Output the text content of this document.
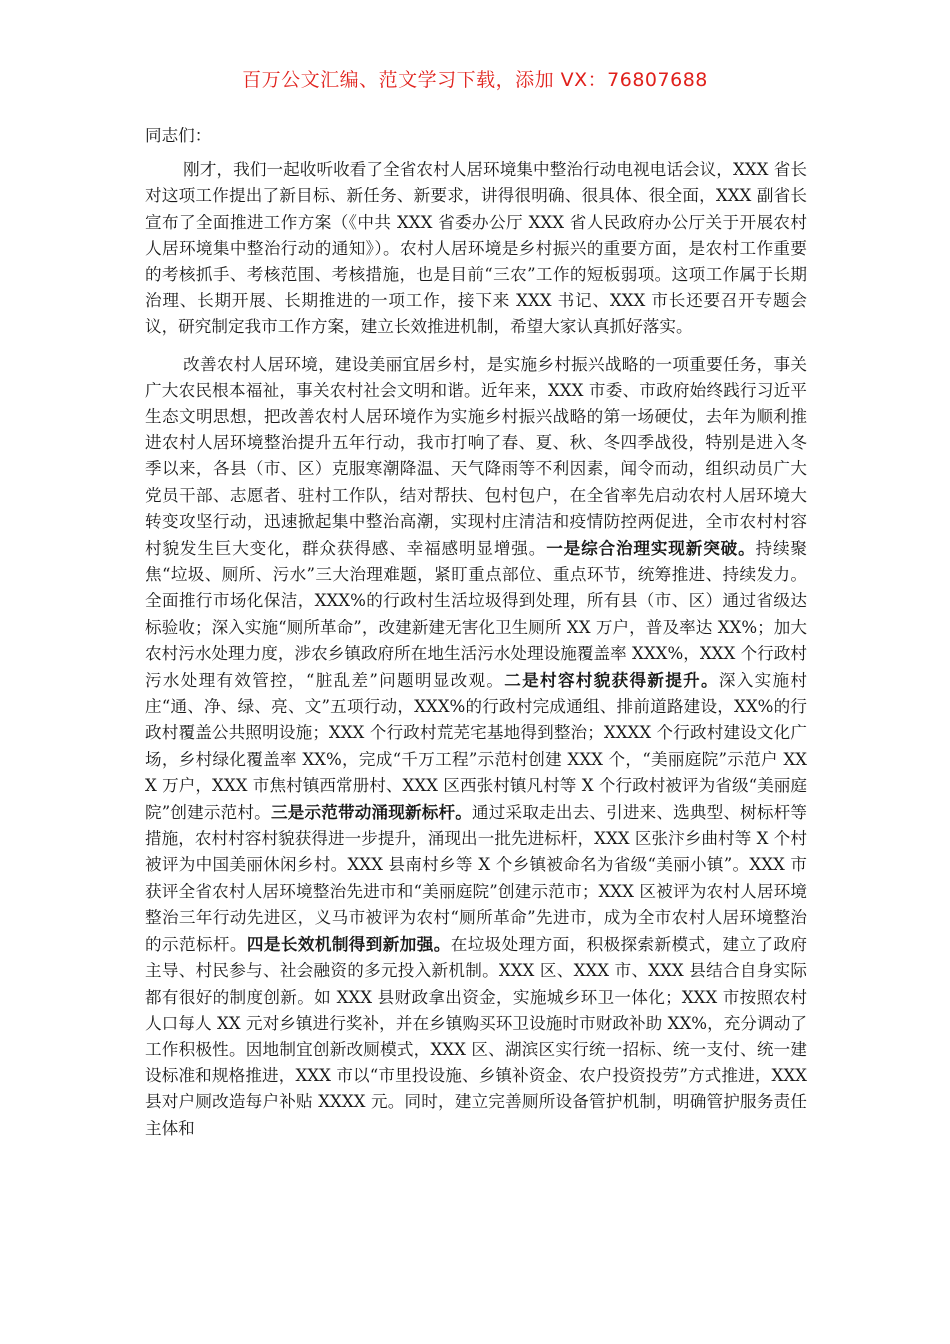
百万公文汇编、范文学习下载，添加 VX：76807688

同志们：

刚才，我们一起收听收看了全省农村人居环境集中整治行动电视电话会议，XXX 省长对这项工作提出了新目标、新任务、新要求，讲得很明确、很具体、很全面，XXX 副省长宣布了全面推进工作方案（《中共 XXX 省委办公厅 XXX 省人民政府办公厅关于开展农村人居环境集中整治行动的通知》）。农村人居环境是乡村振兴的重要方面，是农村工作重要的考核抓手、考核范围、考核措施，也是目前“三农”工作的短板弱项。这项工作属于长期治理、长期开展、长期推进的一项工作，接下来 XXX 书记、XXX 市长还要召开专题会议，研究制定我市工作方案，建立长效推进机制，希望大家认真抓好落实。

改善农村人居环境，建设美丽宜居乡村，是实施乡村振兴战略的一项重要任务，事关广大农民根本福祉，事关农村社会文明和谐。近年来，XXX 市委、市政府始终践行习近平生态文明思想，把改善农村人居环境作为实施乡村振兴战略的第一场硬仗，去年为顺利推进农村人居环境整治提升五年行动，我市打响了春、夏、秋、冬四季战役，特别是进入冬季以来，各县（市、区）克服寒潮降温、天气降雨等不利因素，闻令而动，组织动员广大党员干部、志愿者、驻村工作队，结对帮扶、包村包户，在全省率先启动农村人居环境大转变攻坚行动，迅速掀起集中整治高潮，实现村庄清洁和疫情防控两促进，全市农村村容村貌发生巨大变化，群众获得感、幸福感明显增强。一是综合治理实现新突破。持续聚焦“垃圾、厕所、污水”三大治理难题，紧盯重点部位、重点环节，统筹推进、持续发力。全面推行市场化保洁，XXX%的行政村生活垃圾得到处理，所有县（市、区）通过省级达标验收；深入实施“厕所革命”，改建新建无害化卫生厕所 XX 万户，普及率达 XX%；加大农村污水处理力度，涉农乡镇政府所在地生活污水处理设施覆盖率 XXX%，XXX 个行政村污水处理有效管控，“脏乱差”问题明显改观。二是村容村貌获得新提升。深入实施村庄“通、净、绿、亮、文”五项行动，XXX%的行政村完成通组、排前道路建设，XX%的行政村覆盖公共照明设施；XXX 个行政村荒芜宅基地得到整治；XXXX 个行政村建设文化广场，乡村绿化覆盖率 XX%，完成“千万工程”示范村创建 XXX 个，“美丽庭院”示范户 XXX 万户，XXX 市焦村镇西常册村、XXX 区西张村镇凡村等 X 个行政村被评为省级“美丽庭院”创建示范村。三是示范带动涌现新标杆。通过采取走出去、引进来、选典型、树标杆等措施，农村村容村貌获得进一步提升，涌现出一批先进标杆，XXX 区张汴乡曲村等 X 个村被评为中国美丽休闲乡村。XXX 县南村乡等 X 个乡镇被命名为省级“美丽小镇”。XXX 市获评全省农村人居环境整治先进市和“美丽庭院”创建示范市；XXX 区被评为农村人居环境整治三年行动先进区，义马市被评为农村“厕所革命”先进市，成为全市农村人居环境整治的示范标杆。四是长效机制得到新加强。在垃圾处理方面，积极探索新模式，建立了政府主导、村民参与、社会融资的多元投入新机制。XXX 区、XXX 市、XXX 县结合自身实际都有很好的制度创新。如 XXX 县财政拿出资金，实施城乡环卫一体化；XXX 市按照农村人口每人 XX 元对乡镇进行奖补，并在乡镇购买环卫设施时市财政补助 XX%，充分调动了工作积极性。因地制宜创新改厕模式，XXX 区、湖滨区实行统一招标、统一支付、统一建设标准和规格推进，XXX 市以“市里投设施、乡镇补资金、农户投资投劳”方式推进，XXX 县对户厕改造每户补贴 XXXX 元。同时，建立完善厕所设备管护机制，明确管护服务责任主体和
